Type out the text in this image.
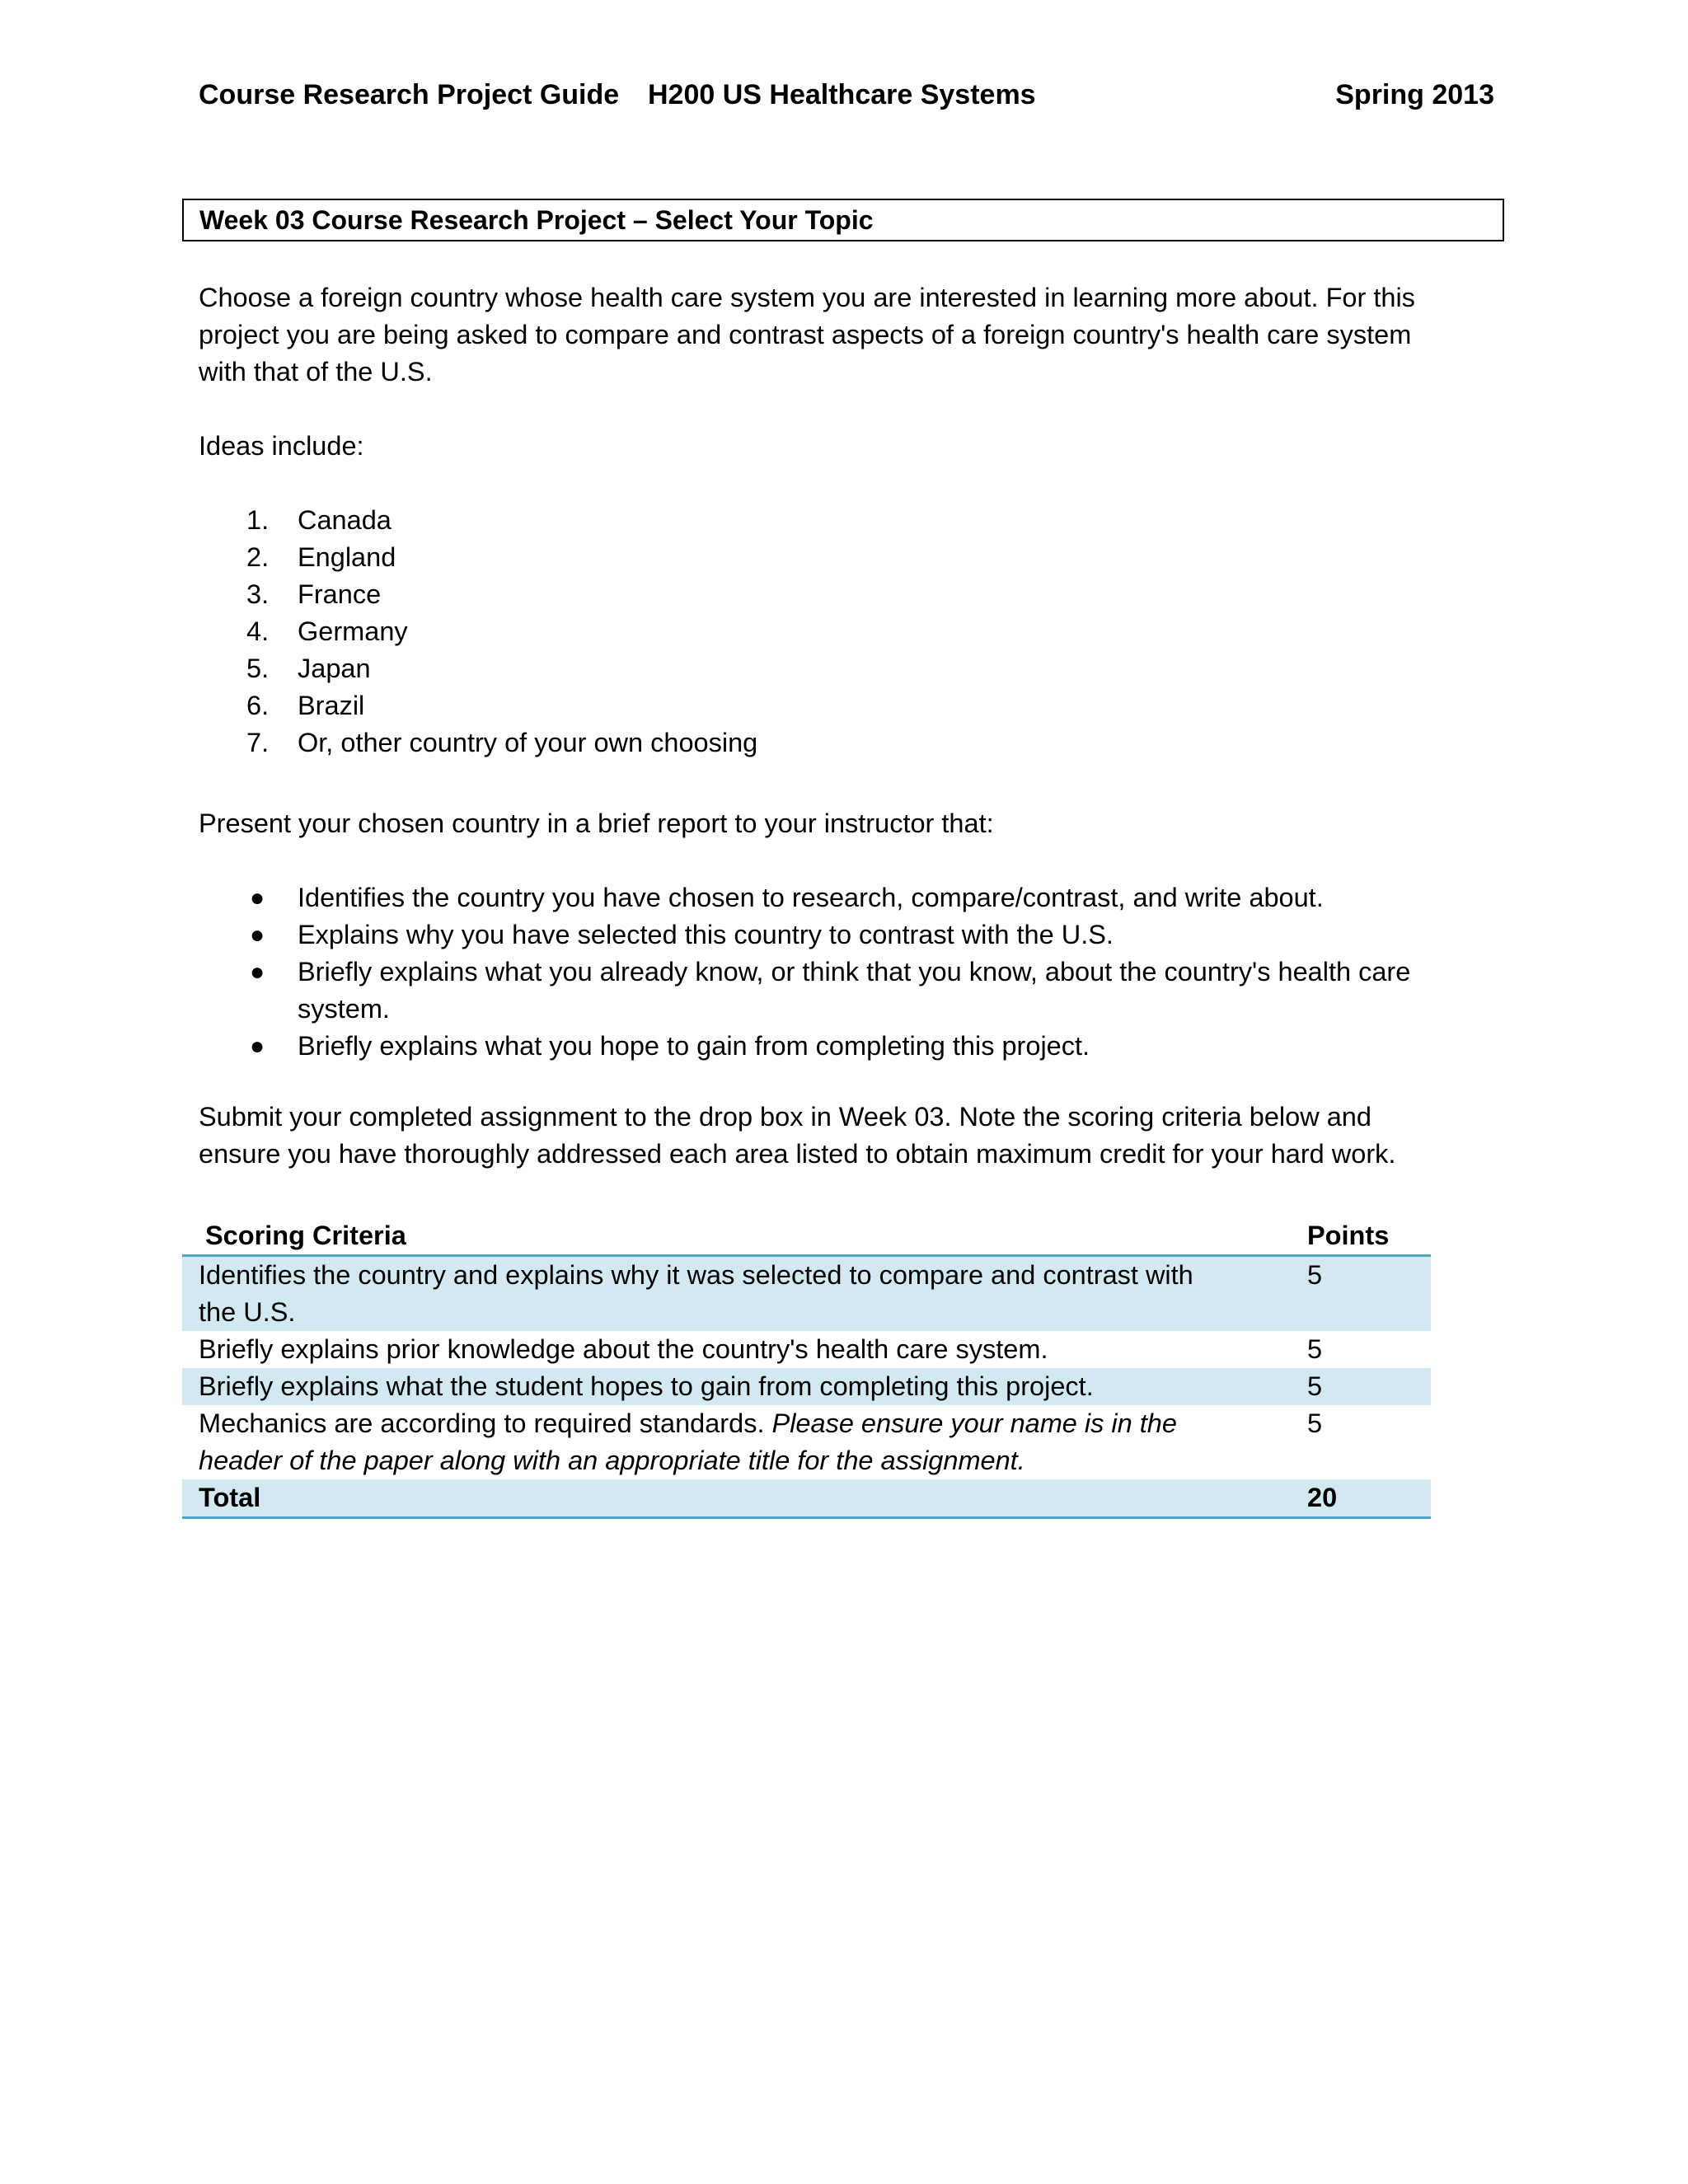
Course Research Project Guide H200 US Healthcare Systems	Spring 2013
Week 03 Course Research Project – Select Your Topic

Choose a foreign country whose health care system you are interested in learning more about. For this

project you are being asked to compare and contrast aspects of a foreign country's health care system

with that of the U.S.

Ideas include:

1. Canada
2. England
3. France
4. Germany
5. Japan
6. Brazil
7. Or, other country of your own choosing

Present your chosen country in a brief report to your instructor that:

● Identifies the country you have chosen to research, compare/contrast, and write about.
● Explains why you have selected this country to contrast with the U.S.
● Briefly explains what you already know, or think that you know, about the country's health care
system.
● Briefly explains what you hope to gain from completing this project.

Submit your completed assignment to the drop box in Week 03. Note the scoring criteria below and

ensure you have thoroughly addressed each area listed to obtain maximum credit for your hard work.

Scoring Criteria	Points
Identifies the country and explains why it was selected to compare and contrast with
the U.S.	5
Briefly explains prior knowledge about the country's health care system.	5
Briefly explains what the student hopes to gain from completing this project.	5
Mechanics are according to required standards. Please ensure your name is in the
header of the paper along with an appropriate title for the assignment.	5
Total	20
